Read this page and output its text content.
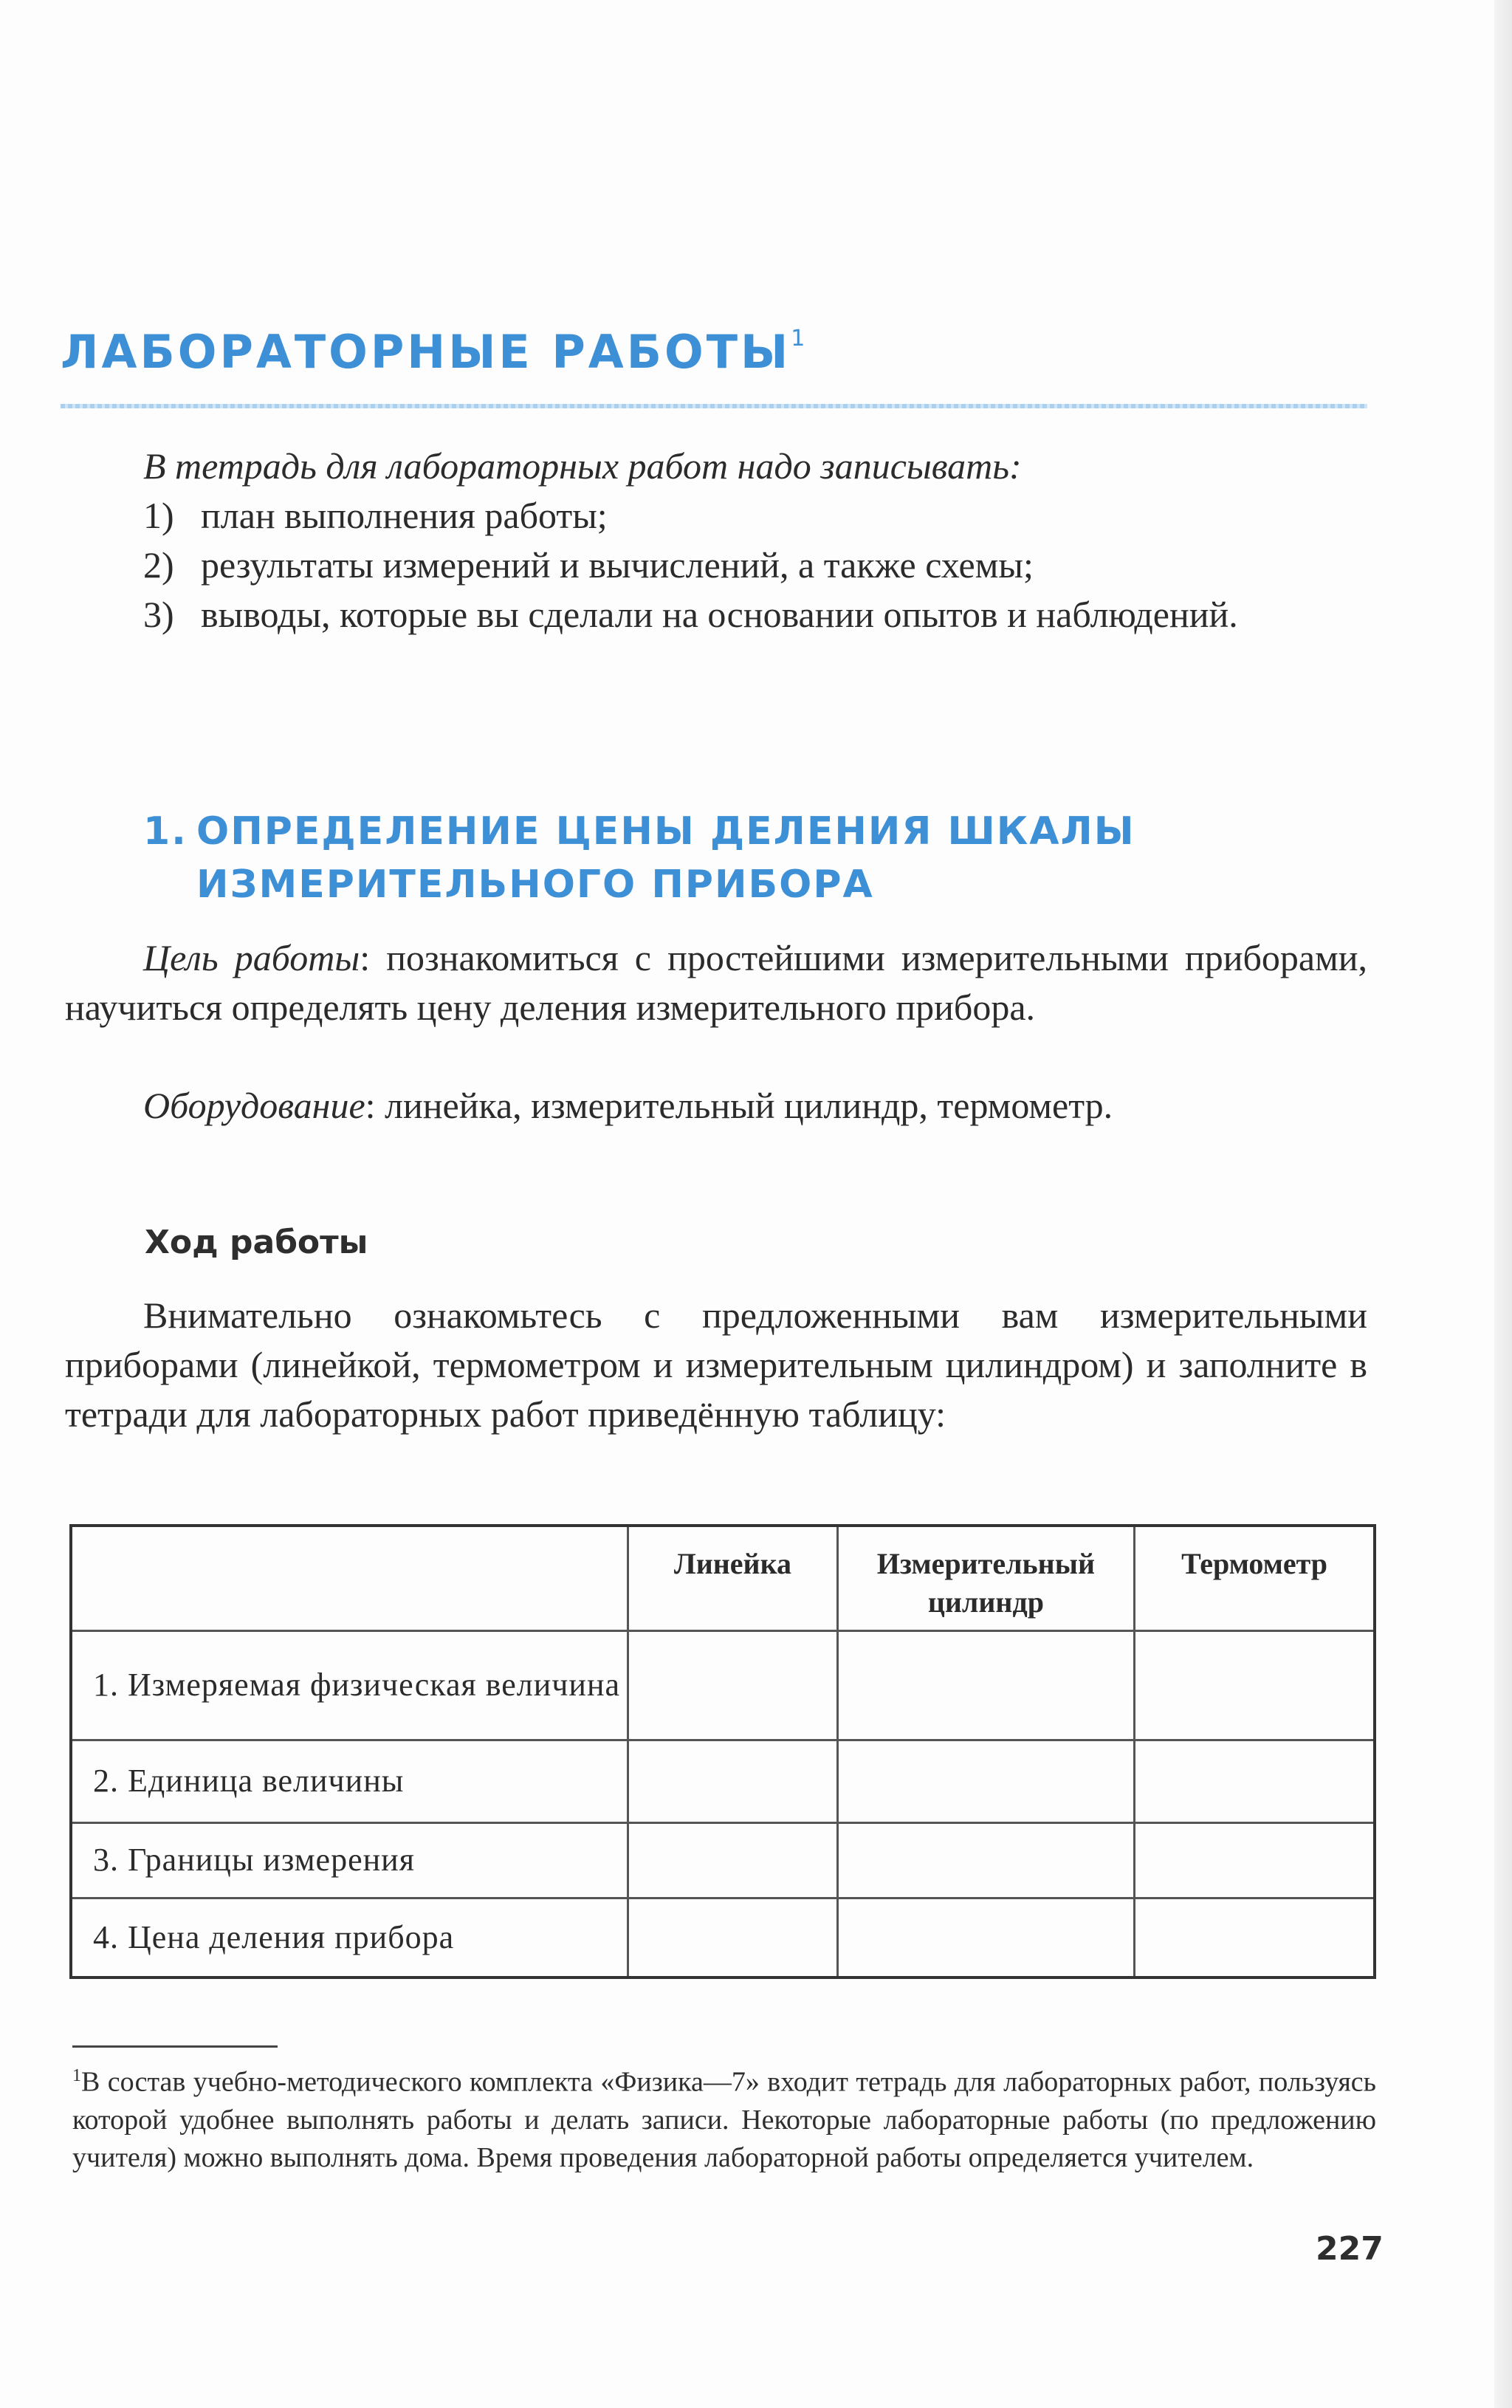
ЛАБОРАТОРНЫЕ РАБОТЫ$^1$

В тетрадь для лабораторных работ надо записывать:

1) план выполнения работы;
2) результаты измерений и вычислений, а также схемы;
3) выводы, которые вы сделали на основании опытов и наблюдений.
1. ОПРЕДЕЛЕНИЕ ЦЕНЫ ДЕЛЕНИЯ ШКАЛЫ
ИЗМЕРИТЕЛЬНОГО ПРИБОРА

Цель работы: познакомиться с простейшими измерительными приборами, научиться определять цену деления измерительного прибора.

Оборудование: линейка, измерительный цилиндр, термометр.

Ход работы

Внимательно ознакомьтесь с предложенными вам измерительными приборами (линейкой, термометром и измерительным цилиндром) и заполните в тетради для лабораторных работ приведённую таблицу:

	Линейка	Измерительный цилиндр	Термометр

1. Измеряемая физическая величина			

2. Единица величины			
3. Границы измерения			
4. Цена деления прибора			

$^1$В состав учебно-методического комплекта «Физика—7» входит тетрадь для лабораторных работ, пользуясь которой удобнее выполнять работы и делать записи. Некоторые лабораторные работы (по предложению учителя) можно выполнять дома. Время проведения лабораторной работы определяется учителем.

227
